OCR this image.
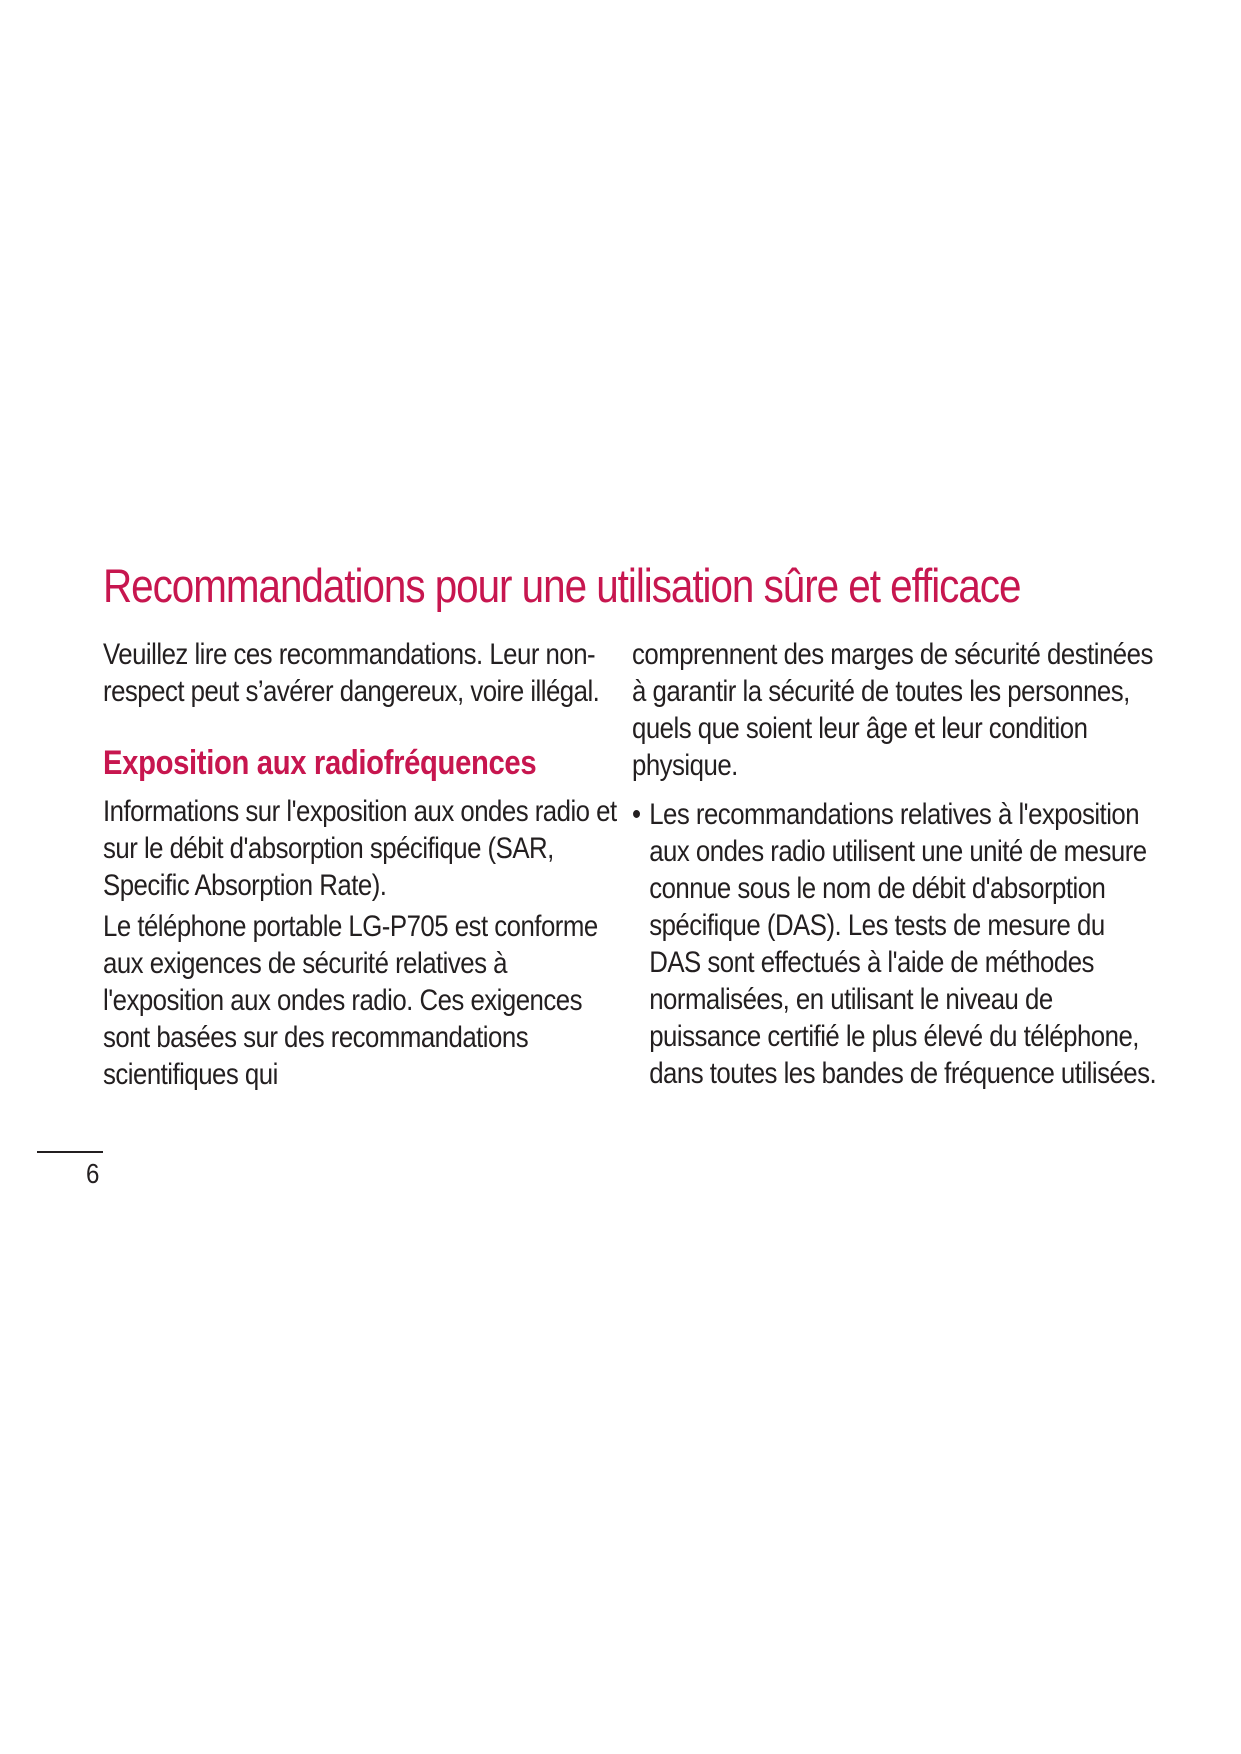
Recommandations pour une utilisation sûre et efficace

Veuillez lire ces recommandations. Leur non-respect peut s’avérer dangereux, voire illégal.

Exposition aux radiofréquences

Informations sur l'exposition aux ondes radio et sur le débit d'absorption spécifique (SAR, Specific Absorption Rate).

Le téléphone portable LG-P705 est conforme aux exigences de sécurité relatives à l'exposition aux ondes radio. Ces exigences sont basées sur des recommandations scientifiques qui

comprennent des marges de sécurité destinées à garantir la sécurité de toutes les personnes, quels que soient leur âge et leur condition physique.

• Les recommandations relatives à l'exposition aux ondes radio utilisent une unité de mesure connue sous le nom de débit d'absorption spécifique (DAS). Les tests de mesure du DAS sont effectués à l'aide de méthodes normalisées, en utilisant le niveau de puissance certifié le plus élevé du téléphone, dans toutes les bandes de fréquence utilisées.

6
